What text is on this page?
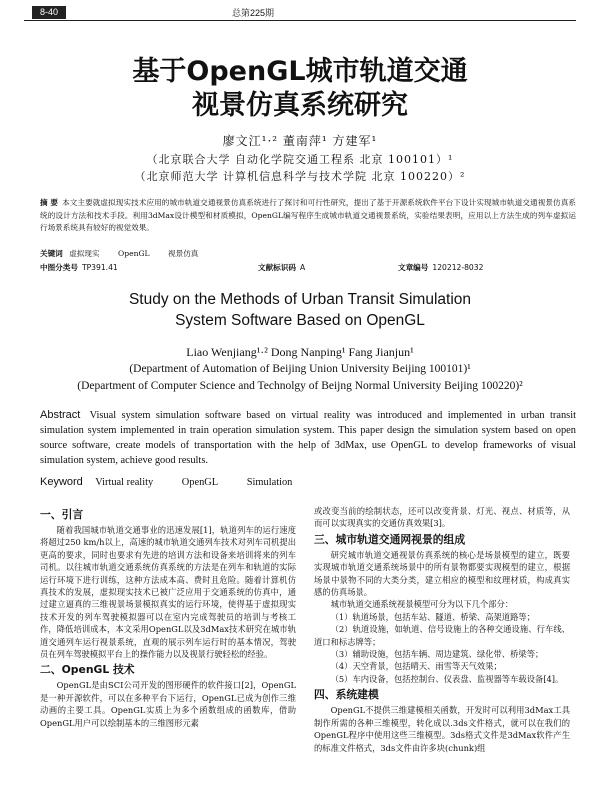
8-40	总第225期
基于OpenGL城市轨道交通
视景仿真系统研究
廖文江¹·² 董南萍¹ 方建军¹
（北京联合大学 自动化学院交通工程系 北京 100101）¹
（北京师范大学 计算机信息科学与技术学院 北京 100220）²
摘 要 本文主要就虚拟现实技术应用的城市轨道交通视景仿真系统进行了探讨和可行性研究，提出了基于开源系统软件平台下设计实现城市轨道交通视景仿真系统的设计方法和技术手段。利用3dMax设计模型和材质模拟，OpenGL编写程序生成城市轨道交通视景系统，实验结果表明，应用以上方法生成的列车虚拟运行场景系统具有较好的视觉效果。
关键词 虚拟现实 OpenGL 视景仿真
中图分类号 TP391.41	文献标识码 A	文章编号 120212-8032
Study on the Methods of Urban Transit Simulation
System Software Based on OpenGL
Liao Wenjiang¹·² Dong Nanping¹ Fang Jianjun¹
(Department of Automation of Beijing Union University Beijing 100101)¹
(Department of Computer Science and Technolgy of Beijng Normal University Beijing 100220)²
Abstract Visual system simulation software based on virtual reality was introduced and implemented in urban transit simulation system implemented in train operation simulation system. This paper design the simulation system based on open source software, create models of transportation with the help of 3dMax, use OpenGL to develop frameworks of visual simulation system, achieve good results.
Keyword Virtual reality	OpenGL	Simulation
一、引言

随着我国城市轨道交通事业的迅速发展[1]，轨道列车的运行速度将超过250 km/h以上，高速的城市轨道交通列车技术对列车司机提出更高的要求，同时也要求有先进的培训方法和设备来培训将来的列车司机。以往城市轨道交通系统仿真系统的方法是在列车和轨道的实际运行环境下进行训练，这种方法成本高、费时且危险。随着计算机仿真技术的发展，虚拟现实技术已被广泛应用于交通系统的仿真中，通过建立逼真的三维视景场景模拟真实的运行环境，使得基于虚拟现实技术开发的列车驾驶模拟器可以在室内完成驾驶员的培训与考核工作，降低培训成本，本文采用OpenGL以及3dMax技术研究在城市轨道交通列车运行视景系统，直观的展示列车运行时的基本情况，驾驶员在列车驾驶模拟平台上的操作能力以及视景行驶轻松的经验。

二、OpenGL 技术

OpenGL是由SCI公司开发的图形硬件的软件接口[2]，OpenGL是一种开源软件，可以在多种平台下运行，OpenGL已成为创作三维动画的主要工具。OpenGL实质上为多个函数组成的函数库，借助OpenGL用户可以绘制基本的三维图形元素

或改变当前的绘制状态，还可以改变背景、灯光、视点、材质等，从而可以实现真实的交通仿真效果[3]。

三、城市轨道交通网视景的组成

研究城市轨道交通视景仿真系统的核心是场景模型的建立，既要实现城市轨道交通系统场景中的所有景物都要实现模型的建立，根据场景中景物不同的大类分类，建立相应的模型和纹理材质，构成真实感的仿真场景。

城市轨道交通系统视景模型可分为以下几个部分：

（1）轨道场景，包括车站、隧道、桥梁、高架道路等；

（2）轨道设施，如轨道、信号设施上的各种交通设施、行车线、道口和标志牌等；

（3）辅助设施，包括车辆、周边建筑、绿化带、桥梁等；

（4）天空背景，包括晴天、雨雪等天气效果；

（5）车内设备，包括控制台、仪表盘、监视器等车载设备[4]。

四、系统建模

OpenGL不提供三维建模相关函数，开发时可以利用3dMax工具制作所需的各种三维模型，转化成以.3ds文件格式，就可以在我们的OpenGL程序中使用这些三维模型。3ds格式文件是3dMax软件产生的标准文件格式，3ds文件由许多块(chunk)组
